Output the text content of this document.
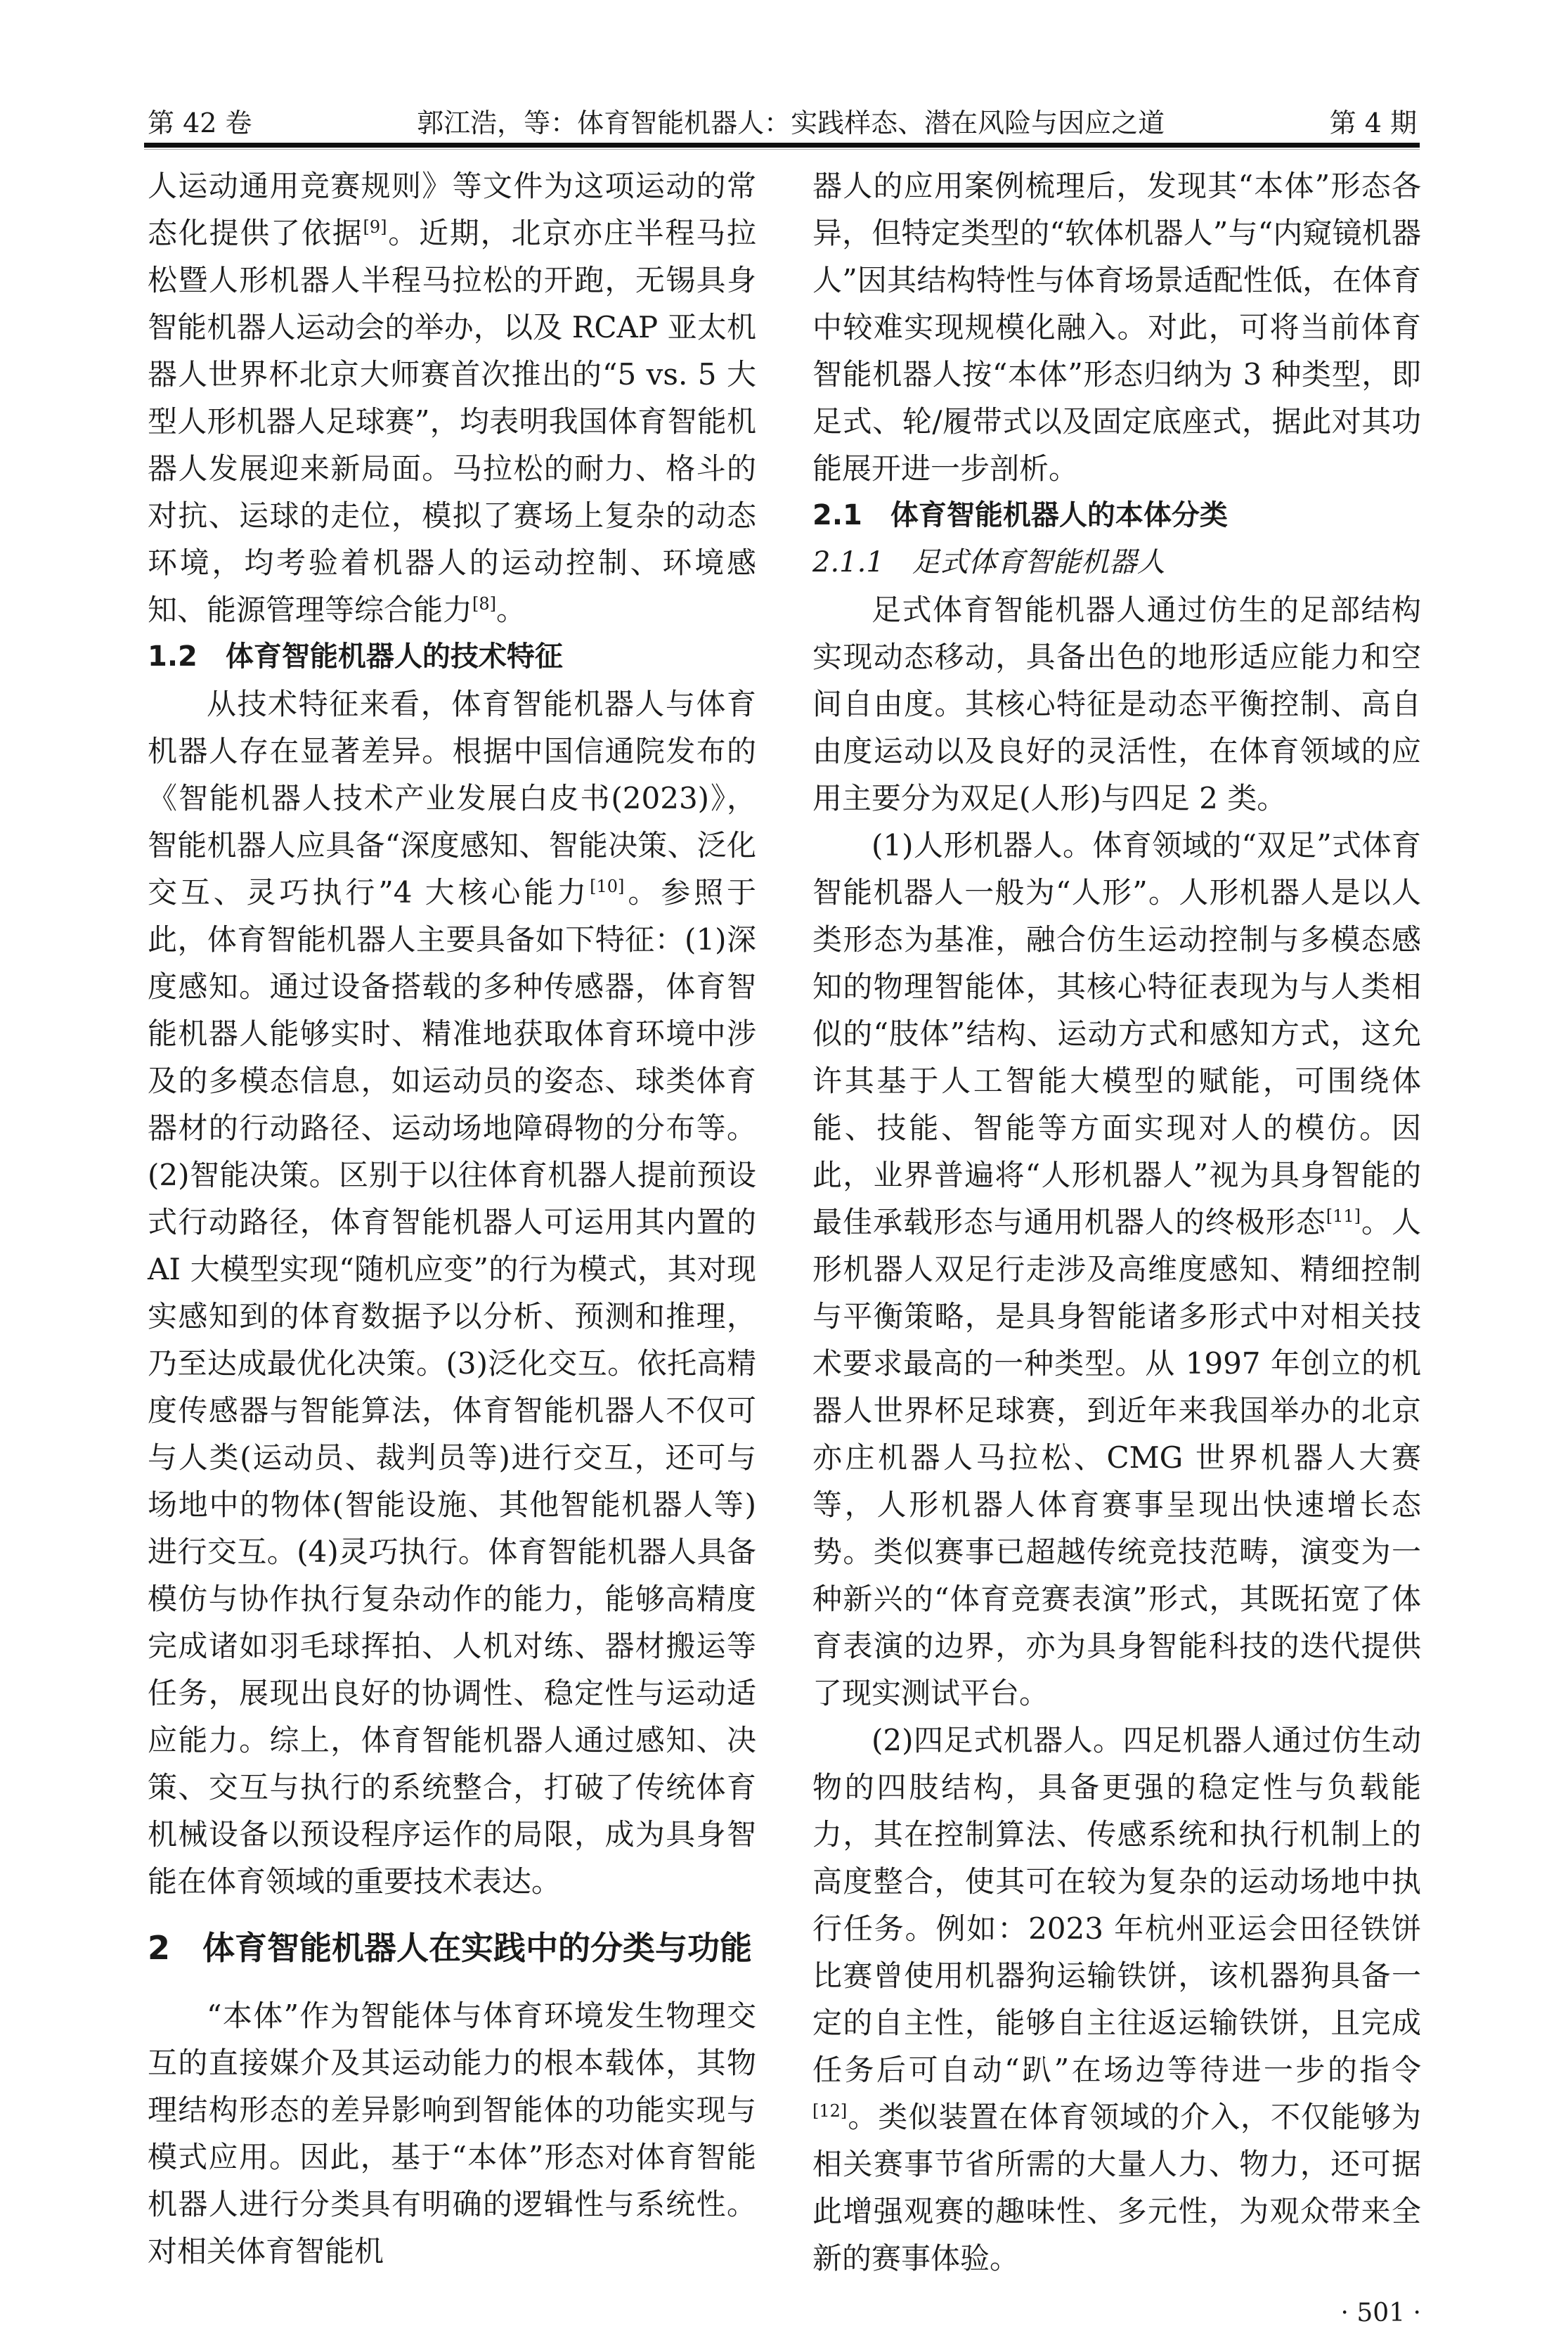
第 42 卷	郭江浩，等：体育智能机器人：实践样态、潜在风险与因应之道	第 4 期

人运动通用竞赛规则》等文件为这项运动的常态化提供了依据[9]。近期，北京亦庄半程马拉松暨人形机器人半程马拉松的开跑，无锡具身智能机器人运动会的举办，以及 RCAP 亚太机器人世界杯北京大师赛首次推出的“5 vs. 5 大型人形机器人足球赛”，均表明我国体育智能机器人发展迎来新局面。马拉松的耐力、格斗的对抗、运球的走位，模拟了赛场上复杂的动态环境，均考验着机器人的运动控制、环境感知、能源管理等综合能力[8]。

1.2　体育智能机器人的技术特征

从技术特征来看，体育智能机器人与体育机器人存在显著差异。根据中国信通院发布的《智能机器人技术产业发展白皮书(2023)》，智能机器人应具备“深度感知、智能决策、泛化交互、灵巧执行”4 大核心能力[10]。参照于此，体育智能机器人主要具备如下特征：(1)深度感知。通过设备搭载的多种传感器，体育智能机器人能够实时、精准地获取体育环境中涉及的多模态信息，如运动员的姿态、球类体育器材的行动路径、运动场地障碍物的分布等。(2)智能决策。区别于以往体育机器人提前预设式行动路径，体育智能机器人可运用其内置的 AI 大模型实现“随机应变”的行为模式，其对现实感知到的体育数据予以分析、预测和推理，乃至达成最优化决策。(3)泛化交互。依托高精度传感器与智能算法，体育智能机器人不仅可与人类(运动员、裁判员等)进行交互，还可与场地中的物体(智能设施、其他智能机器人等)进行交互。(4)灵巧执行。体育智能机器人具备模仿与协作执行复杂动作的能力，能够高精度完成诸如羽毛球挥拍、人机对练、器材搬运等任务，展现出良好的协调性、稳定性与运动适应能力。综上，体育智能机器人通过感知、决策、交互与执行的系统整合，打破了传统体育机械设备以预设程序运作的局限，成为具身智能在体育领域的重要技术表达。

2　体育智能机器人在实践中的分类与功能

“本体”作为智能体与体育环境发生物理交互的直接媒介及其运动能力的根本载体，其物理结构形态的差异影响到智能体的功能实现与模式应用。因此，基于“本体”形态对体育智能机器人进行分类具有明确的逻辑性与系统性。对相关体育智能机

器人的应用案例梳理后，发现其“本体”形态各异，但特定类型的“软体机器人”与“内窥镜机器人”因其结构特性与体育场景适配性低，在体育中较难实现规模化融入。对此，可将当前体育智能机器人按“本体”形态归纳为 3 种类型，即足式、轮/履带式以及固定底座式，据此对其功能展开进一步剖析。

2.1　体育智能机器人的本体分类
2.1.1　足式体育智能机器人

足式体育智能机器人通过仿生的足部结构实现动态移动，具备出色的地形适应能力和空间自由度。其核心特征是动态平衡控制、高自由度运动以及良好的灵活性，在体育领域的应用主要分为双足(人形)与四足 2 类。

(1)人形机器人。体育领域的“双足”式体育智能机器人一般为“人形”。人形机器人是以人类形态为基准，融合仿生运动控制与多模态感知的物理智能体，其核心特征表现为与人类相似的“肢体”结构、运动方式和感知方式，这允许其基于人工智能大模型的赋能，可围绕体能、技能、智能等方面实现对人的模仿。因此，业界普遍将“人形机器人”视为具身智能的最佳承载形态与通用机器人的终极形态[11]。人形机器人双足行走涉及高维度感知、精细控制与平衡策略，是具身智能诸多形式中对相关技术要求最高的一种类型。从 1997 年创立的机器人世界杯足球赛，到近年来我国举办的北京亦庄机器人马拉松、CMG 世界机器人大赛等，人形机器人体育赛事呈现出快速增长态势。类似赛事已超越传统竞技范畴，演变为一种新兴的“体育竞赛表演”形式，其既拓宽了体育表演的边界，亦为具身智能科技的迭代提供了现实测试平台。

(2)四足式机器人。四足机器人通过仿生动物的四肢结构，具备更强的稳定性与负载能力，其在控制算法、传感系统和执行机制上的高度整合，使其可在较为复杂的运动场地中执行任务。例如：2023 年杭州亚运会田径铁饼比赛曾使用机器狗运输铁饼，该机器狗具备一定的自主性，能够自主往返运输铁饼，且完成任务后可自动“趴”在场边等待进一步的指令[12]。类似装置在体育领域的介入，不仅能够为相关赛事节省所需的大量人力、物力，还可据此增强观赛的趣味性、多元性，为观众带来全新的赛事体验。

· 501 ·
